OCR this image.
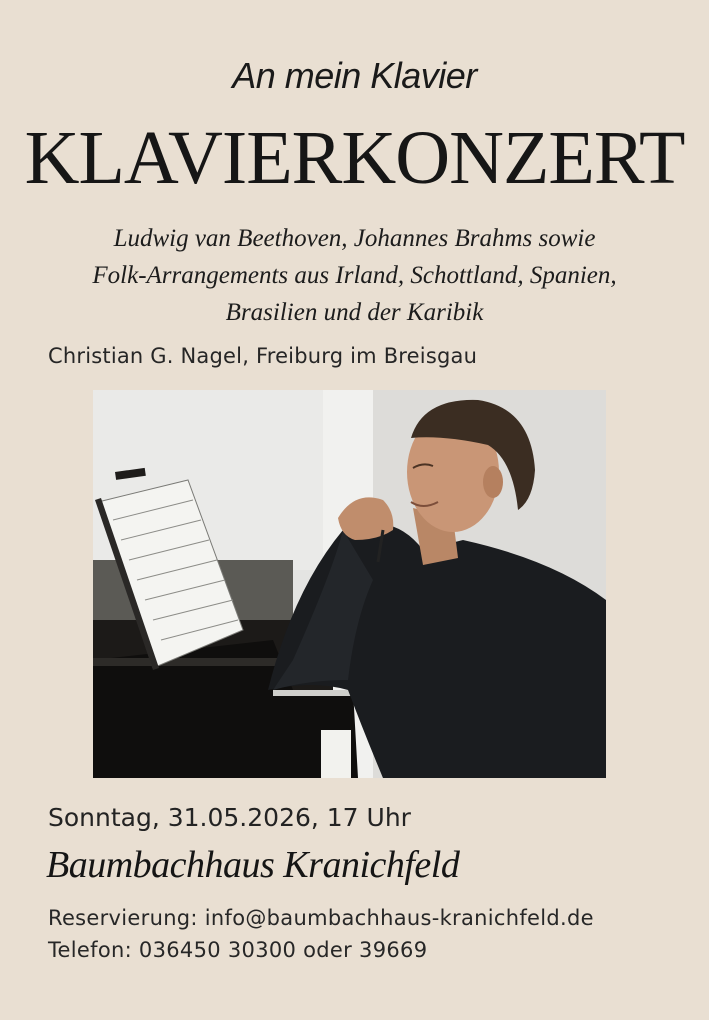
An mein Klavier
KLAVIERKONZERT
Ludwig van Beethoven, Johannes Brahms sowie
Folk-Arrangements aus Irland, Schottland, Spanien,
Brasilien und der Karibik
Christian G. Nagel, Freiburg im Breisgau
Sonntag, 31.05.2026, 17 Uhr
Baumbachhaus Kranichfeld
Reservierung: info@baumbachhaus-kranichfeld.de
Telefon: 036450 30300 oder 39669
